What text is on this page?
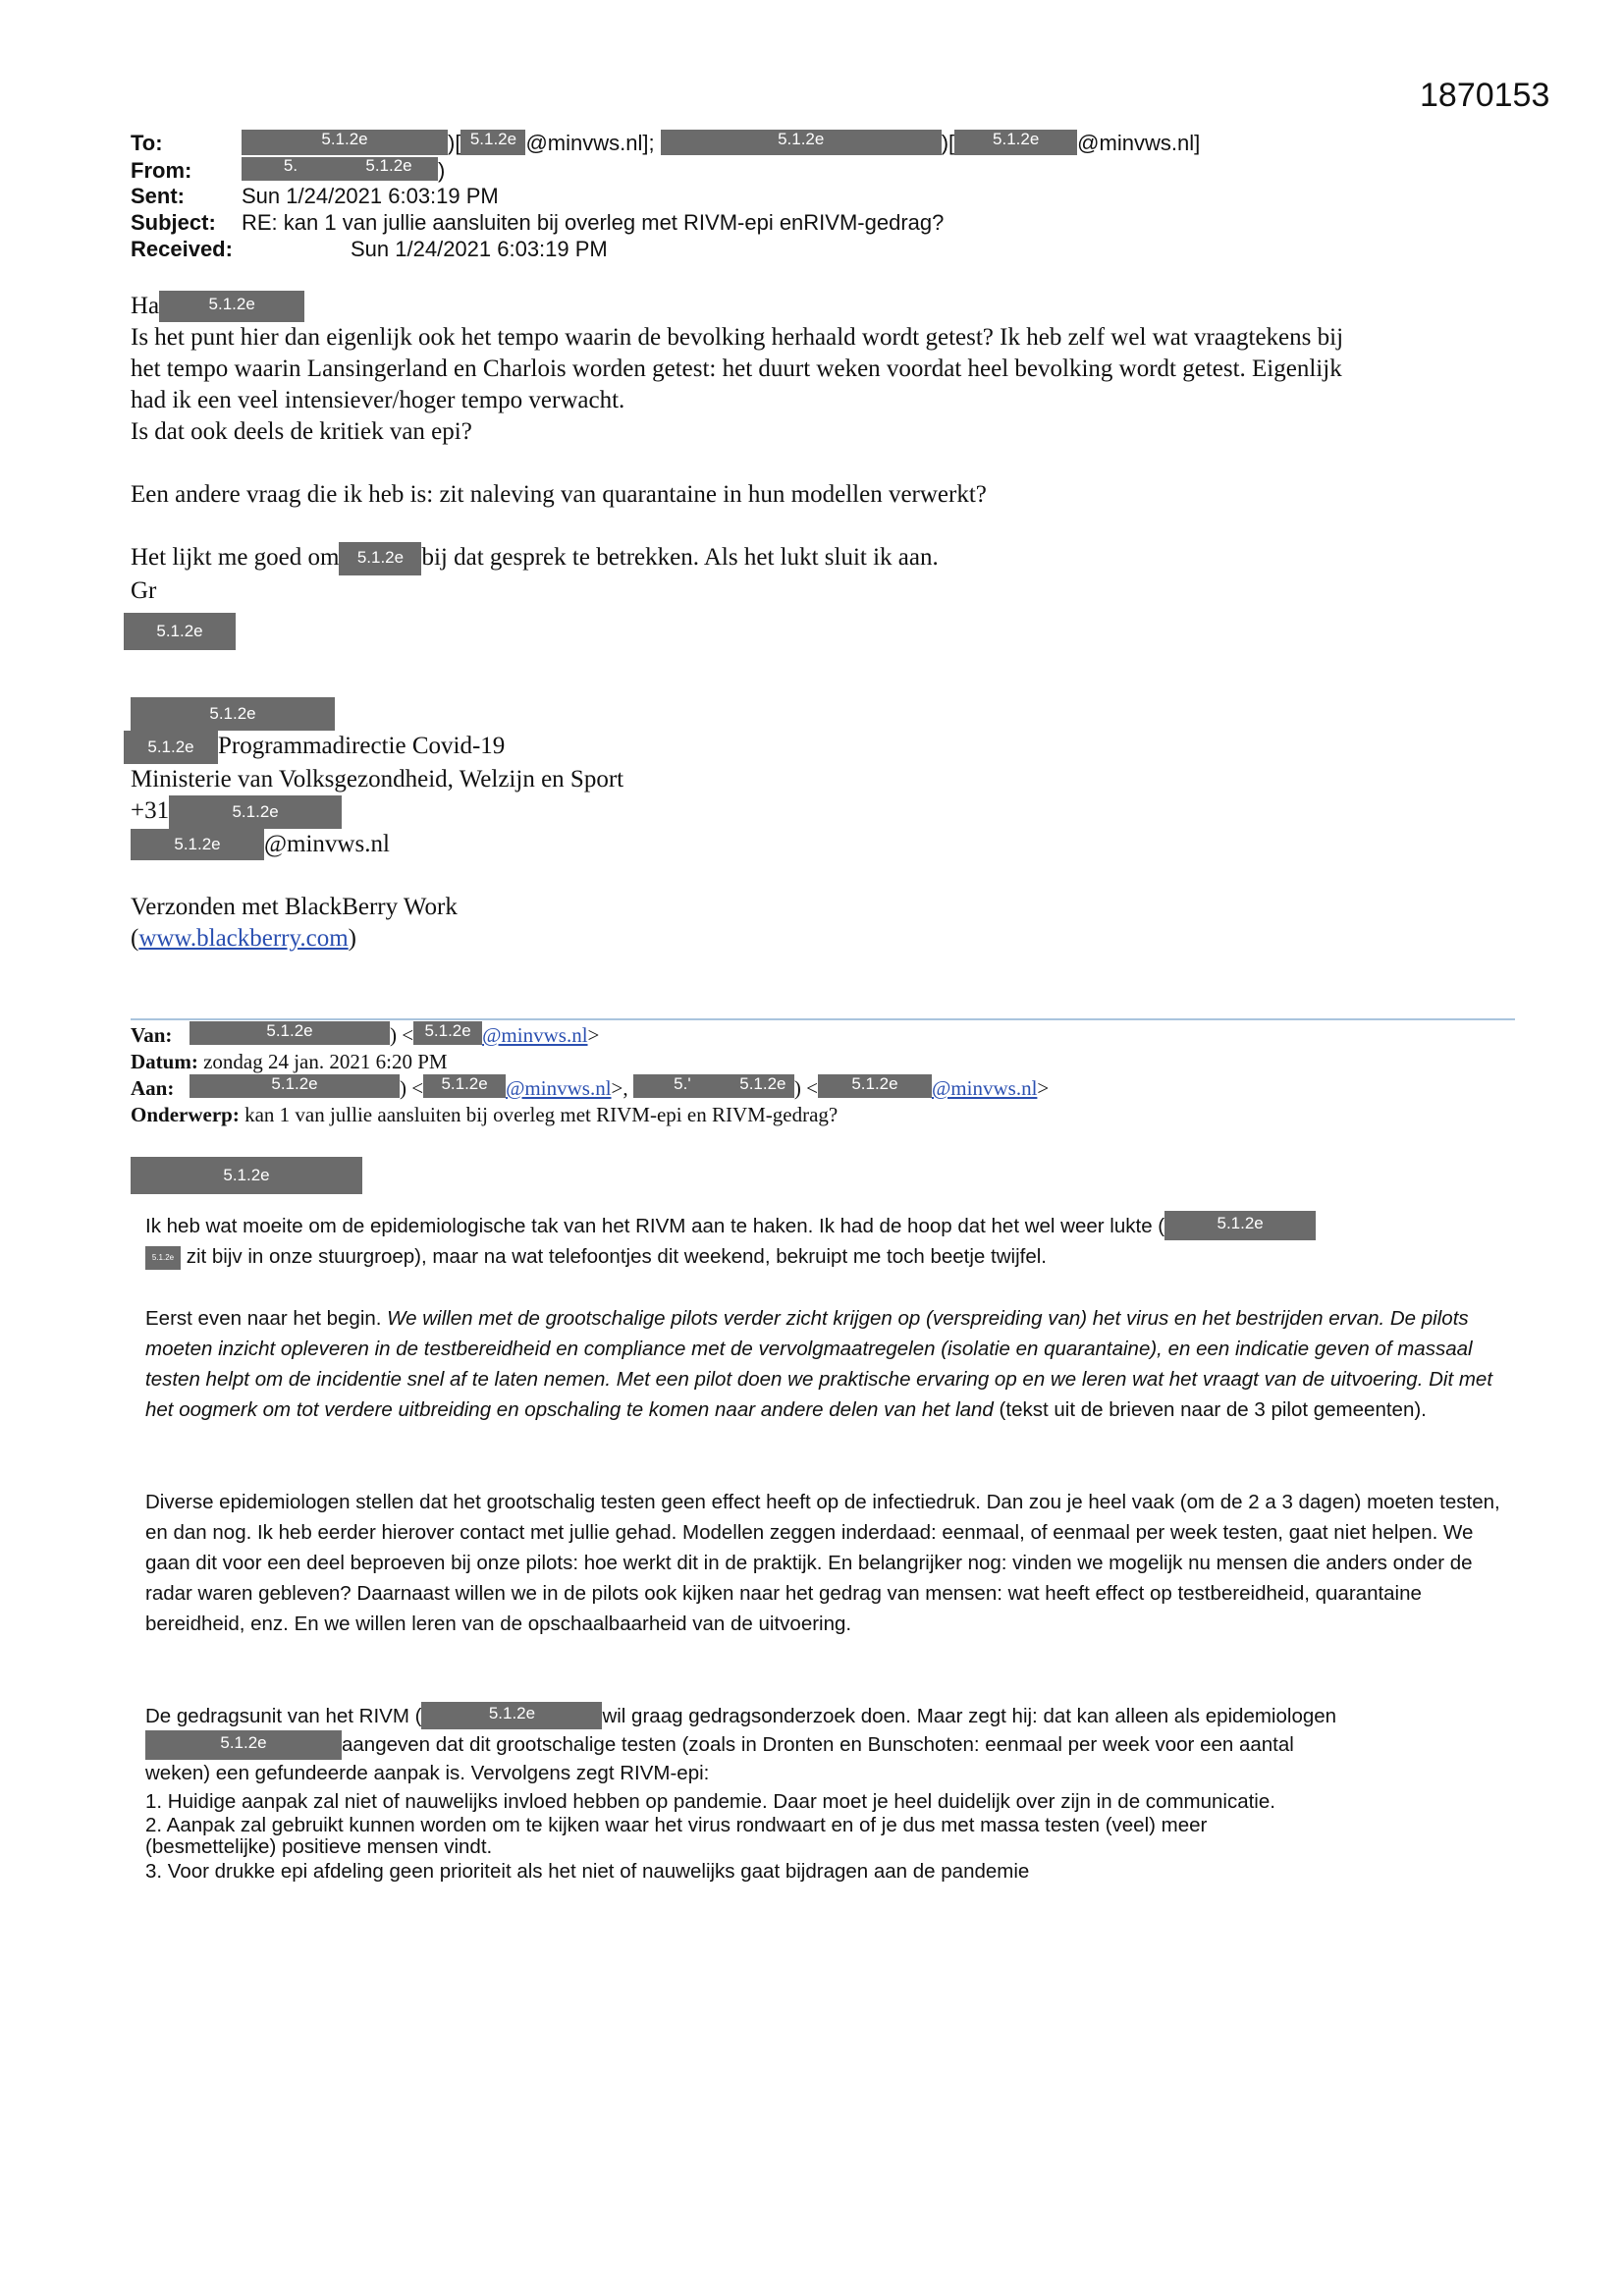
1870153
To:	5.1.2e	)[ 5.1.2e @minvws.nl];	5.1.2e	)[ 5.1.2e @minvws.nl]
From:	5.	5.1.2e )
Sent:	Sun 1/24/2021 6:03:19 PM
Subject: RE: kan 1 van jullie aansluiten bij overleg met RIVM-epi enRIVM-gedrag?
Received:	Sun 1/24/2021 6:03:19 PM
Ha	5.1.2e
Is het punt hier dan eigenlijk ook het tempo waarin de bevolking herhaald wordt getest? Ik heb zelf wel wat vraagtekens bij
het tempo waarin Lansingerland en Charlois worden getest: het duurt weken voordat heel bevolking wordt getest. Eigenlijk
had ik een veel intensiever/hoger tempo verwacht.
Is dat ook deels de kritiek van epi?
Een andere vraag die ik heb is: zit naleving van quarantaine in hun modellen verwerkt?
Het lijkt me goed om 5.1.2e bij dat gesprek te betrekken. Als het lukt sluit ik aan.
Gr
5.1.2e
5.1.2e
5.1.2e Programmadirectie Covid-19
Ministerie van Volksgezondheid, Welzijn en Sport
+31	5.1.2e
5.1.2e @minvws.nl
Verzonden met BlackBerry Work
(www.blackberry.com)
Van:	5.1.2e	) < 5.1.2e @minvws.nl>
Datum: zondag 24 jan. 2021 6:20 PM
Aan:	5.1.2e	) < 5.1.2e @minvws.nl>,	5.'	5.1.2e ) < 5.1.2e @minvws.nl>
Onderwerp: kan 1 van jullie aansluiten bij overleg met RIVM-epi en RIVM-gedrag?
5.1.2e
Ik heb wat moeite om de epidemiologische tak van het RIVM aan te haken. Ik had de hoop dat het wel weer lukte (	5.1.2e
5.1.2e zit bijv in onze stuurgroep), maar na wat telefoontjes dit weekend, bekruipt me toch beetje twijfel.
Eerst even naar het begin. We willen met de grootschalige pilots verder zicht krijgen op (verspreiding van) het virus en het bestrijden ervan. De pilots moeten inzicht opleveren in de testbereidheid en compliance met de vervolgmaatregelen (isolatie en quarantaine), en een indicatie geven of massaal testen helpt om de incidentie snel af te laten nemen. Met een pilot doen we praktische ervaring op en we leren wat het vraagt van de uitvoering. Dit met het oogmerk om tot verdere uitbreiding en opschaling te komen naar andere delen van het land (tekst uit de brieven naar de 3 pilot gemeenten).
Diverse epidemiologen stellen dat het grootschalig testen geen effect heeft op de infectiedruk. Dan zou je heel vaak (om de 2 a 3 dagen) moeten testen, en dan nog. Ik heb eerder hierover contact met jullie gehad. Modellen zeggen inderdaad: eenmaal, of eenmaal per week testen, gaat niet helpen. We gaan dit voor een deel beproeven bij onze pilots: hoe werkt dit in de praktijk. En belangrijker nog: vinden we mogelijk nu mensen die anders onder de radar waren gebleven? Daarnaast willen we in de pilots ook kijken naar het gedrag van mensen: wat heeft effect op testbereidheid, quarantaine bereidheid, enz. En we willen leren van de opschaalbaarheid van de uitvoering.
De gedragsunit van het RIVM (	5.1.2e	wil graag gedragsonderzoek doen. Maar zegt hij: dat kan alleen als epidemiologen
5.1.2e	aangeven dat dit grootschalige testen (zoals in Dronten en Bunschoten: eenmaal per week voor een aantal
weken) een gefundeerde aanpak is. Vervolgens zegt RIVM-epi:
1. Huidige aanpak zal niet of nauwelijks invloed hebben op pandemie. Daar moet je heel duidelijk over zijn in de communicatie.
2. Aanpak zal gebruikt kunnen worden om te kijken waar het virus rondwaart en of je dus met massa testen (veel) meer
(besmettelijke) positieve mensen vindt.
3. Voor drukke epi afdeling geen prioriteit als het niet of nauwelijks gaat bijdragen aan de pandemie
